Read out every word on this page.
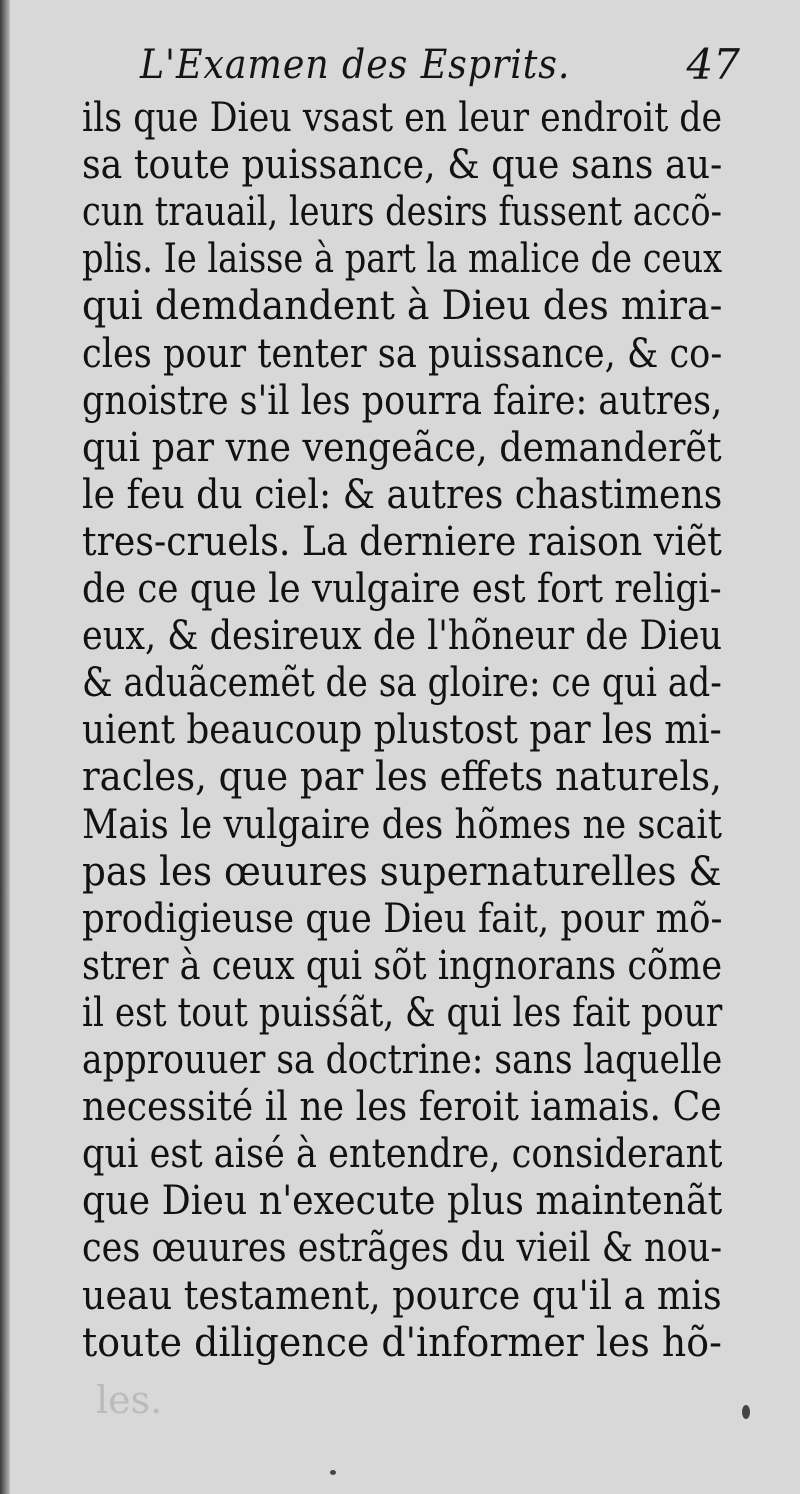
L'Examen des Esprits.	47
ils que Dieu vsast en leur endroit de
sa toute puissance, & que sans au-
cun trauail, leurs desirs fussent accõ-
plis. Ie laisse à part la malice de ceux
qui demdandent à Dieu des mira-
cles pour tenter sa puissance, & co-
gnoistre s'il les pourra faire: autres,
qui par vne vengeãce, demanderẽt
le feu du ciel: & autres chastimens
tres-cruels. La derniere raison viẽt
de ce que le vulgaire est fort religi-
eux, & desireux de l'hõneur de Dieu
& aduãcemẽt de sa gloire: ce qui ad-
uient beaucoup plustost par les mi-
racles, que par les effets naturels,
Mais le vulgaire des hõmes ne scait
pas les œuures supernaturelles &
prodigieuse que Dieu fait, pour mõ-
strer à ceux qui sõt ingnorans cõme
il est tout puisśãt, & qui les fait pour
approuuer sa doctrine: sans laquelle
necessité il ne les feroit iamais. Ce
qui est aisé à entendre, considerant
que Dieu n'execute plus maintenãt
ces œuures estrãges du vieil & nou-
ueau testament, pource qu'il a mis
toute diligence d'informer les hõ-
les.
